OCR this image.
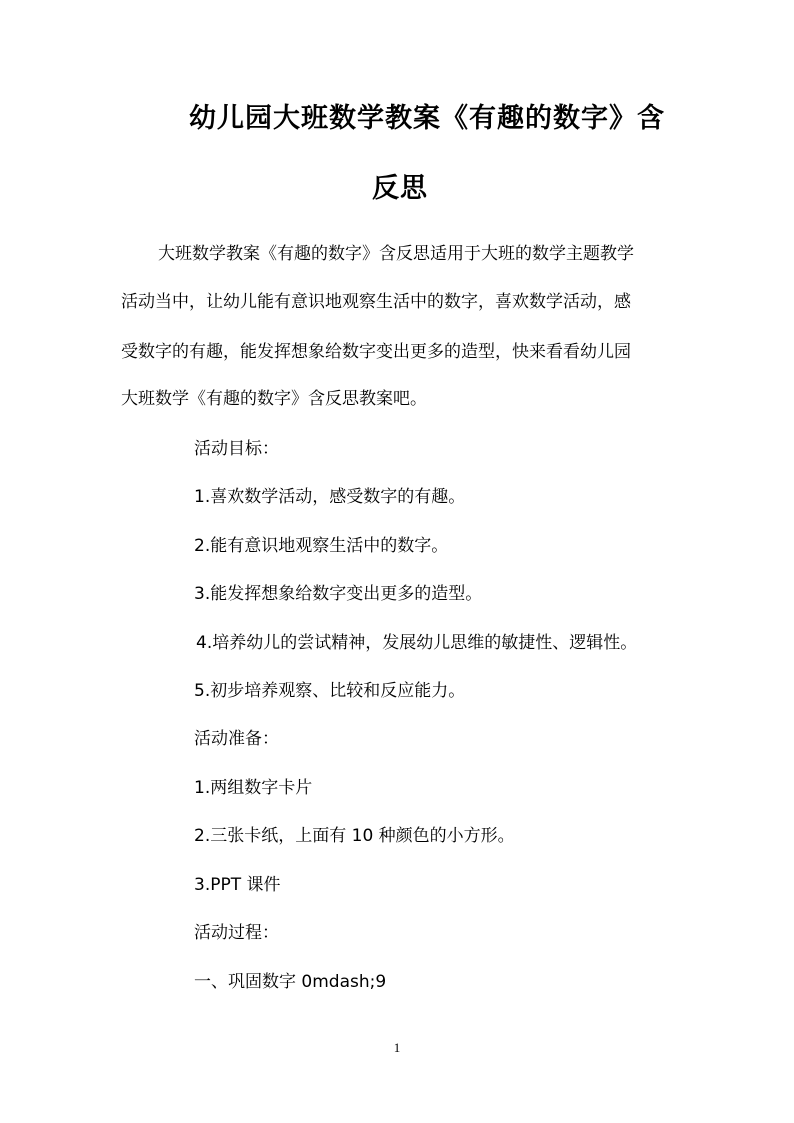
幼儿园大班数学教案《有趣的数字》含
反思
大班数学教案《有趣的数字》含反思适用于大班的数学主题教学
活动当中，让幼儿能有意识地观察生活中的数字，喜欢数学活动，感
受数字的有趣，能发挥想象给数字变出更多的造型，快来看看幼儿园
大班数学《有趣的数字》含反思教案吧。
活动目标：
1.喜欢数学活动，感受数字的有趣。
2.能有意识地观察生活中的数字。
3.能发挥想象给数字变出更多的造型。
4.培养幼儿的尝试精神，发展幼儿思维的敏捷性、逻辑性。
5.初步培养观察、比较和反应能力。
活动准备：
1.两组数字卡片
2.三张卡纸，上面有 10 种颜色的小方形。
3.PPT 课件
活动过程：
一、巩固数字 0mdash;9
1
